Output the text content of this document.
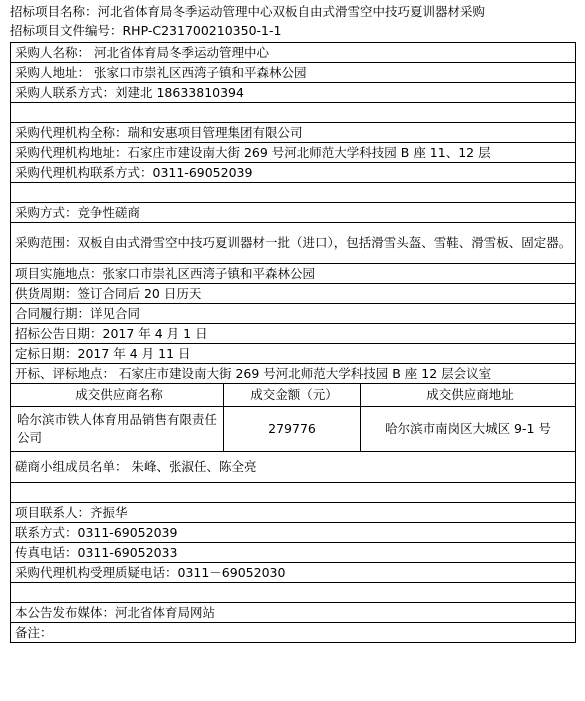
招标项目名称：河北省体育局冬季运动管理中心双板自由式滑雪空中技巧夏训器材采购
招标项目文件编号：RHP-C231700210350-1-1
采购人名称： 河北省体育局冬季运动管理中心		
采购人地址： 张家口市崇礼区西湾子镇和平森林公园		
采购人联系方式：刘建北 18633810394		

采购代理机构全称：瑞和安惠项目管理集团有限公司		
采购代理机构地址：石家庄市建设南大街 269 号河北师范大学科技园 B 座 11、12 层		
采购代理机构联系方式：0311-69052039		

采购方式：竞争性磋商		
采购范围：双板自由式滑雪空中技巧夏训器材一批（进口），包括滑雪头盔、雪鞋、滑雪板、固定器。		
项目实施地点：张家口市崇礼区西湾子镇和平森林公园		
供货周期：签订合同后 20 日历天		
合同履行期：详见合同		
招标公告日期：2017 年 4 月 1 日		
定标日期：2017 年 4 月 11 日		
开标、评标地点： 石家庄市建设南大街 269 号河北师范大学科技园 B 座 12 层会议室		
成交供应商名称	成交金额（元）	成交供应商地址
哈尔滨市铁人体育用品销售有限责任公司	279776	哈尔滨市南岗区大城区 9-1 号
磋商小组成员名单： 朱峰、张淑任、陈全亮		

项目联系人：齐振华		
联系方式：0311-69052039		
传真电话：0311-69052033		
采购代理机构受理质疑电话：0311－69052030		

本公告发布媒体：河北省体育局网站		
备注：		
